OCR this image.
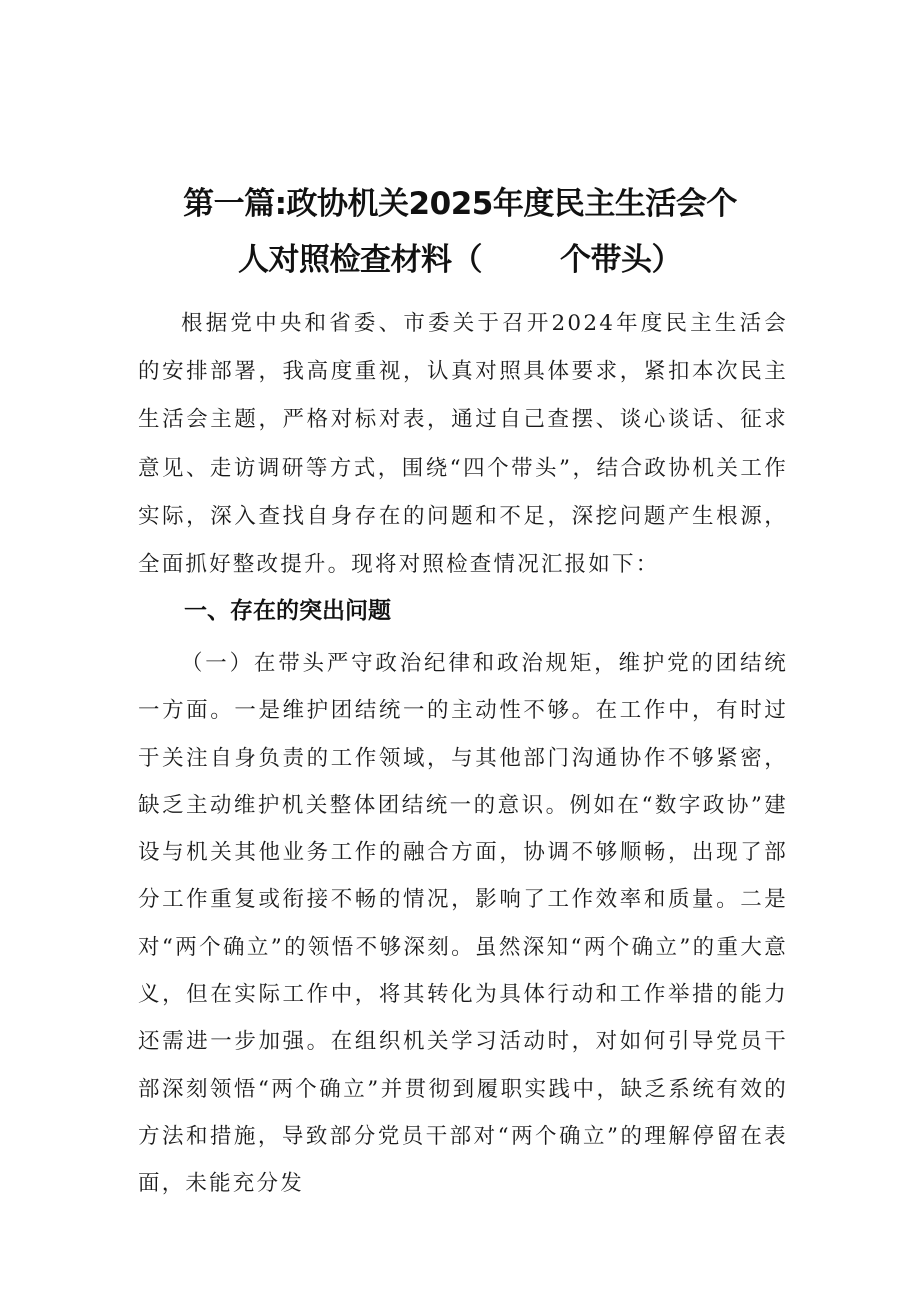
第一篇:政协机关2025年度民主生活会个
人对照检查材料（	个带头）

根据党中央和省委、市委关于召开2024年度民主生活会的安排部署，我高度重视，认真对照具体要求，紧扣本次民主生活会主题，严格对标对表，通过自己查摆、谈心谈话、征求意见、走访调研等方式，围绕“四个带头”，结合政协机关工作实际，深入查找自身存在的问题和不足，深挖问题产生根源，全面抓好整改提升。现将对照检查情况汇报如下：

一、存在的突出问题

（一）在带头严守政治纪律和政治规矩，维护党的团结统一方面。一是维护团结统一的主动性不够。在工作中，有时过于关注自身负责的工作领域，与其他部门沟通协作不够紧密，缺乏主动维护机关整体团结统一的意识。例如在“数字政协”建设与机关其他业务工作的融合方面，协调不够顺畅，出现了部分工作重复或衔接不畅的情况，影响了工作效率和质量。二是对“两个确立”的领悟不够深刻。虽然深知“两个确立”的重大意义，但在实际工作中，将其转化为具体行动和工作举措的能力还需进一步加强。在组织机关学习活动时，对如何引导党员干部深刻领悟“两个确立”并贯彻到履职实践中，缺乏系统有效的方法和措施，导致部分党员干部对“两个确立”的理解停留在表面，未能充分发
